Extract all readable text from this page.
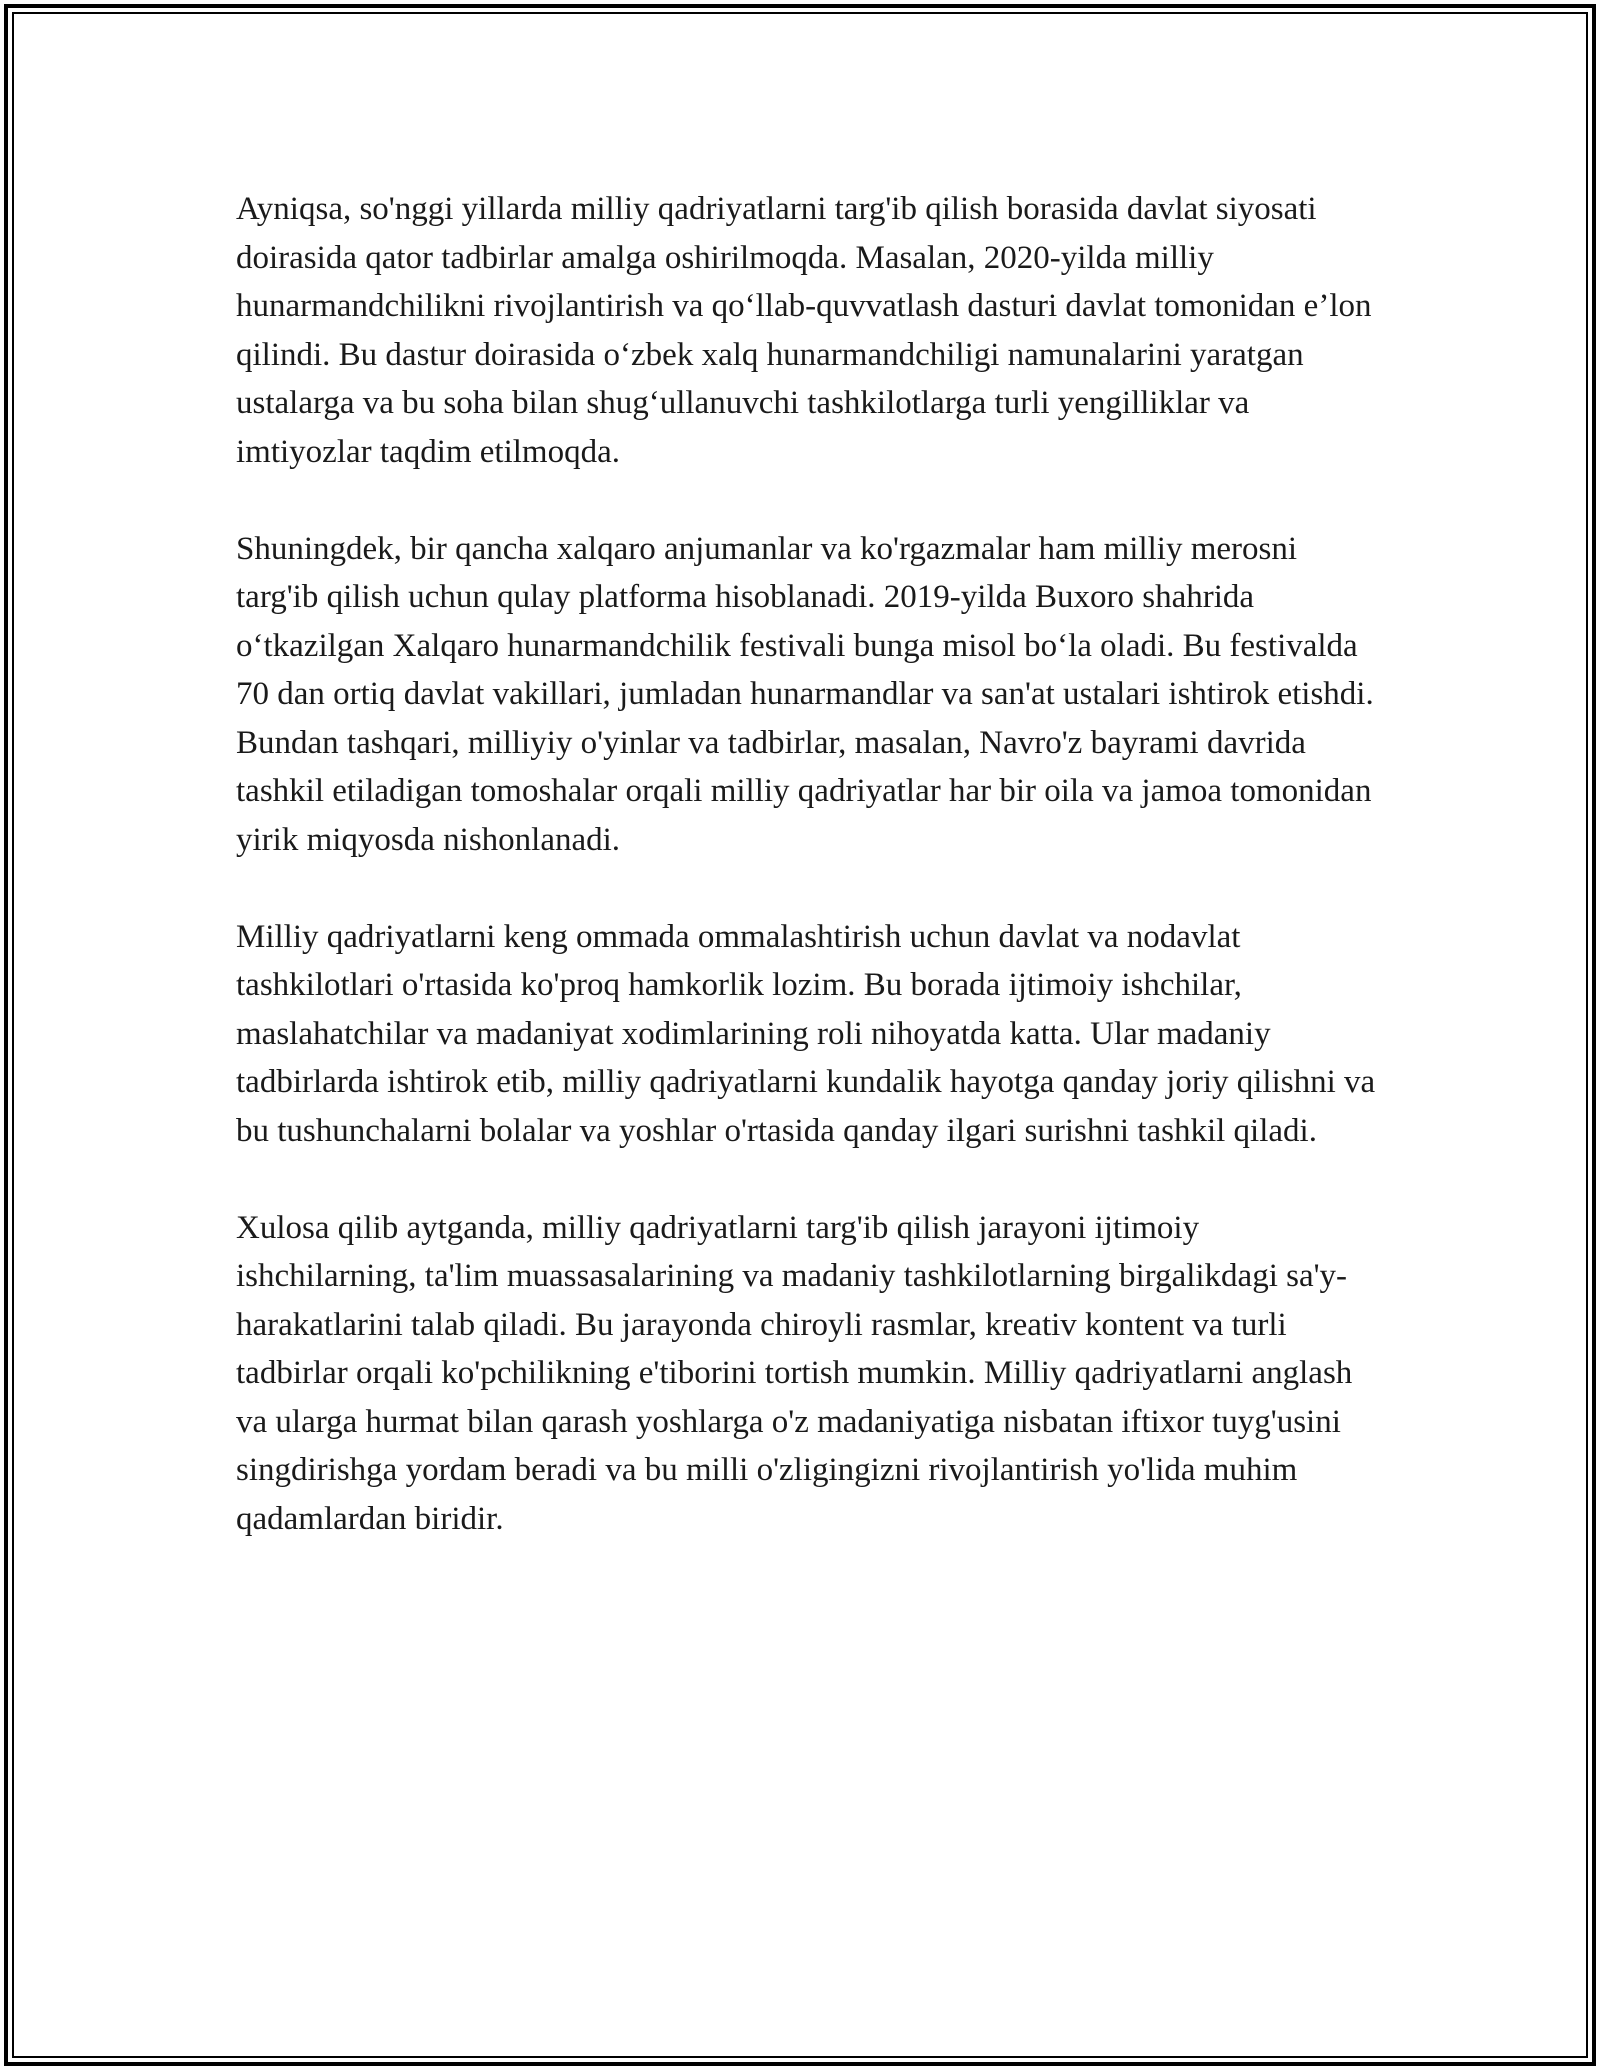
Ayniqsa, so'nggi yillarda milliy qadriyatlarni targ'ib qilish borasida davlat siyosati doirasida qator tadbirlar amalga oshirilmoqda. Masalan, 2020-yilda milliy hunarmandchilikni rivojlantirish va qo‘llab-quvvatlash dasturi davlat tomonidan e’lon qilindi. Bu dastur doirasida o‘zbek xalq hunarmandchiligi namunalarini yaratgan ustalarga va bu soha bilan shug‘ullanuvchi tashkilotlarga turli yengilliklar va imtiyozlar taqdim etilmoqda.

Shuningdek, bir qancha xalqaro anjumanlar va ko'rgazmalar ham milliy merosni targ'ib qilish uchun qulay platforma hisoblanadi. 2019-yilda Buxoro shahrida o‘tkazilgan Xalqaro hunarmandchilik festivali bunga misol bo‘la oladi. Bu festivalda 70 dan ortiq davlat vakillari, jumladan hunarmandlar va san'at ustalari ishtirok etishdi. Bundan tashqari, milliyiy o'yinlar va tadbirlar, masalan, Navro'z bayrami davrida tashkil etiladigan tomoshalar orqali milliy qadriyatlar har bir oila va jamoa tomonidan yirik miqyosda nishonlanadi.

Milliy qadriyatlarni keng ommada ommalashtirish uchun davlat va nodavlat tashkilotlari o'rtasida ko'proq hamkorlik lozim. Bu borada ijtimoiy ishchilar, maslahatchilar va madaniyat xodimlarining roli nihoyatda katta. Ular madaniy tadbirlarda ishtirok etib, milliy qadriyatlarni kundalik hayotga qanday joriy qilishni va bu tushunchalarni bolalar va yoshlar o'rtasida qanday ilgari surishni tashkil qiladi.

Xulosa qilib aytganda, milliy qadriyatlarni targ'ib qilish jarayoni ijtimoiy ishchilarning, ta'lim muassasalarining va madaniy tashkilotlarning birgalikdagi sa'y-harakatlarini talab qiladi. Bu jarayonda chiroyli rasmlar, kreativ kontent va turli tadbirlar orqali ko'pchilikning e'tiborini tortish mumkin. Milliy qadriyatlarni anglash va ularga hurmat bilan qarash yoshlarga o'z madaniyatiga nisbatan iftixor tuyg'usini singdirishga yordam beradi va bu milli o'zligingizni rivojlantirish yo'lida muhim qadamlardan biridir.
